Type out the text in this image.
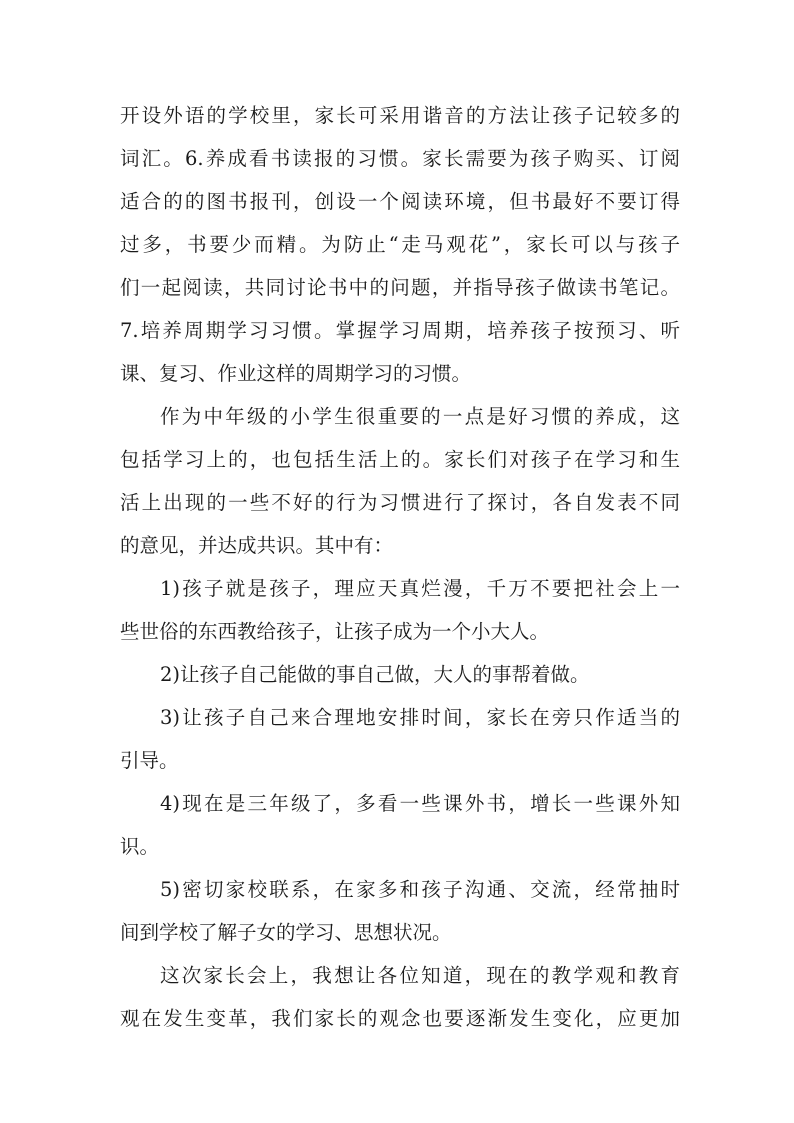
开设外语的学校里，家长可采用谐音的方法让孩子记较多的

词汇。6.养成看书读报的习惯。家长需要为孩子购买、订阅

适合的的图书报刊，创设一个阅读环境，但书最好不要订得

过多，书要少而精。为防止“走马观花”，家长可以与孩子

们一起阅读，共同讨论书中的问题，并指导孩子做读书笔记。

7.培养周期学习习惯。掌握学习周期，培养孩子按预习、听

课、复习、作业这样的周期学习的习惯。

作为中年级的小学生很重要的一点是好习惯的养成，这

包括学习上的，也包括生活上的。家长们对孩子在学习和生

活上出现的一些不好的行为习惯进行了探讨，各自发表不同

的意见，并达成共识。其中有：

1)孩子就是孩子，理应天真烂漫，千万不要把社会上一

些世俗的东西教给孩子，让孩子成为一个小大人。

2)让孩子自己能做的事自己做，大人的事帮着做。

3)让孩子自己来合理地安排时间，家长在旁只作适当的

引导。

4)现在是三年级了，多看一些课外书，增长一些课外知

识。

5)密切家校联系，在家多和孩子沟通、交流，经常抽时

间到学校了解子女的学习、思想状况。

这次家长会上，我想让各位知道，现在的教学观和教育

观在发生变革，我们家长的观念也要逐渐发生变化，应更加
